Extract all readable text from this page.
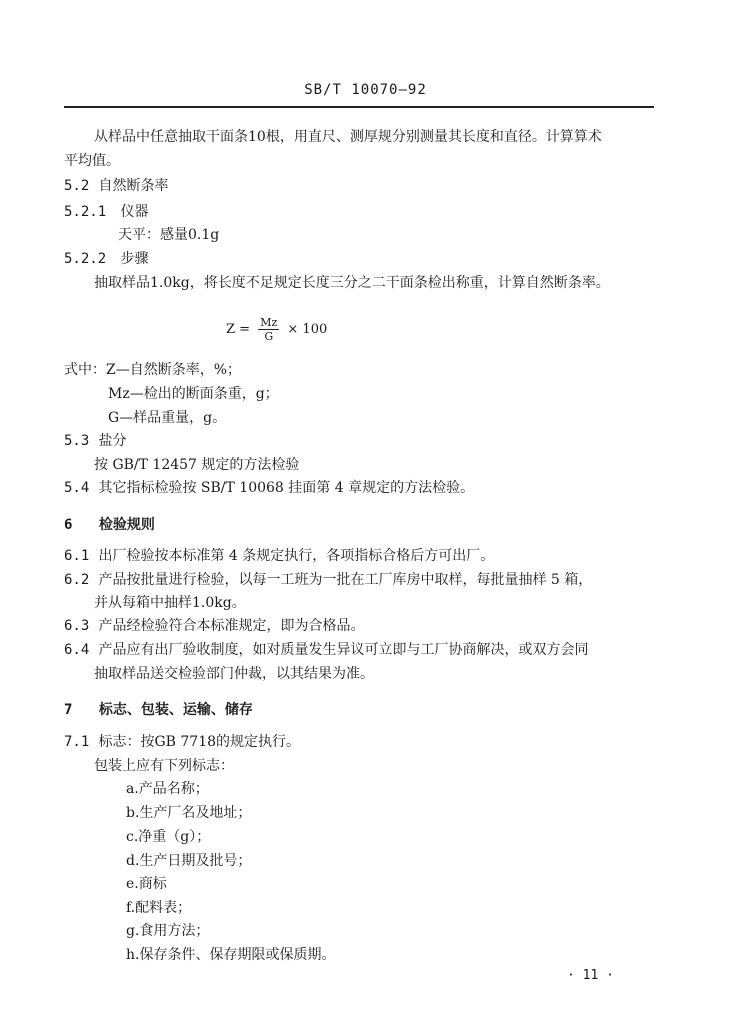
SB/T 10070—92
从样品中任意抽取干面条10根，用直尺、测厚规分别测量其长度和直径。计算算术
平均值。
5.2 自然断条率
5.2.1 仪器
天平：感量0.1g
5.2.2 步骤
抽取样品1.0kg，将长度不足规定长度三分之二干面条检出称重，计算自然断条率。
$Z = \frac{Mz}{G} \times 100$
式中：Z—自然断条率，%；
Mz—检出的断面条重，g；
G—样品重量，g。
5.3 盐分
按 GB/T 12457 规定的方法检验
5.4 其它指标检验按 SB/T 10068 挂面第 4 章规定的方法检验。
6 检验规则
6.1 出厂检验按本标准第 4 条规定执行，各项指标合格后方可出厂。
6.2 产品按批量进行检验，以每一工班为一批在工厂库房中取样，每批量抽样 5 箱，
并从每箱中抽样1.0kg。
6.3 产品经检验符合本标准规定，即为合格品。
6.4 产品应有出厂验收制度，如对质量发生异议可立即与工厂协商解决，或双方会同
抽取样品送交检验部门仲裁，以其结果为准。
7 标志、包装、运输、储存
7.1 标志：按GB 7718的规定执行。
包装上应有下列标志：
a.产品名称；
b.生产厂名及地址；
c.净重（g）；
d.生产日期及批号；
e.商标
f.配料表；
g.食用方法；
h.保存条件、保存期限或保质期。
· 11 ·
